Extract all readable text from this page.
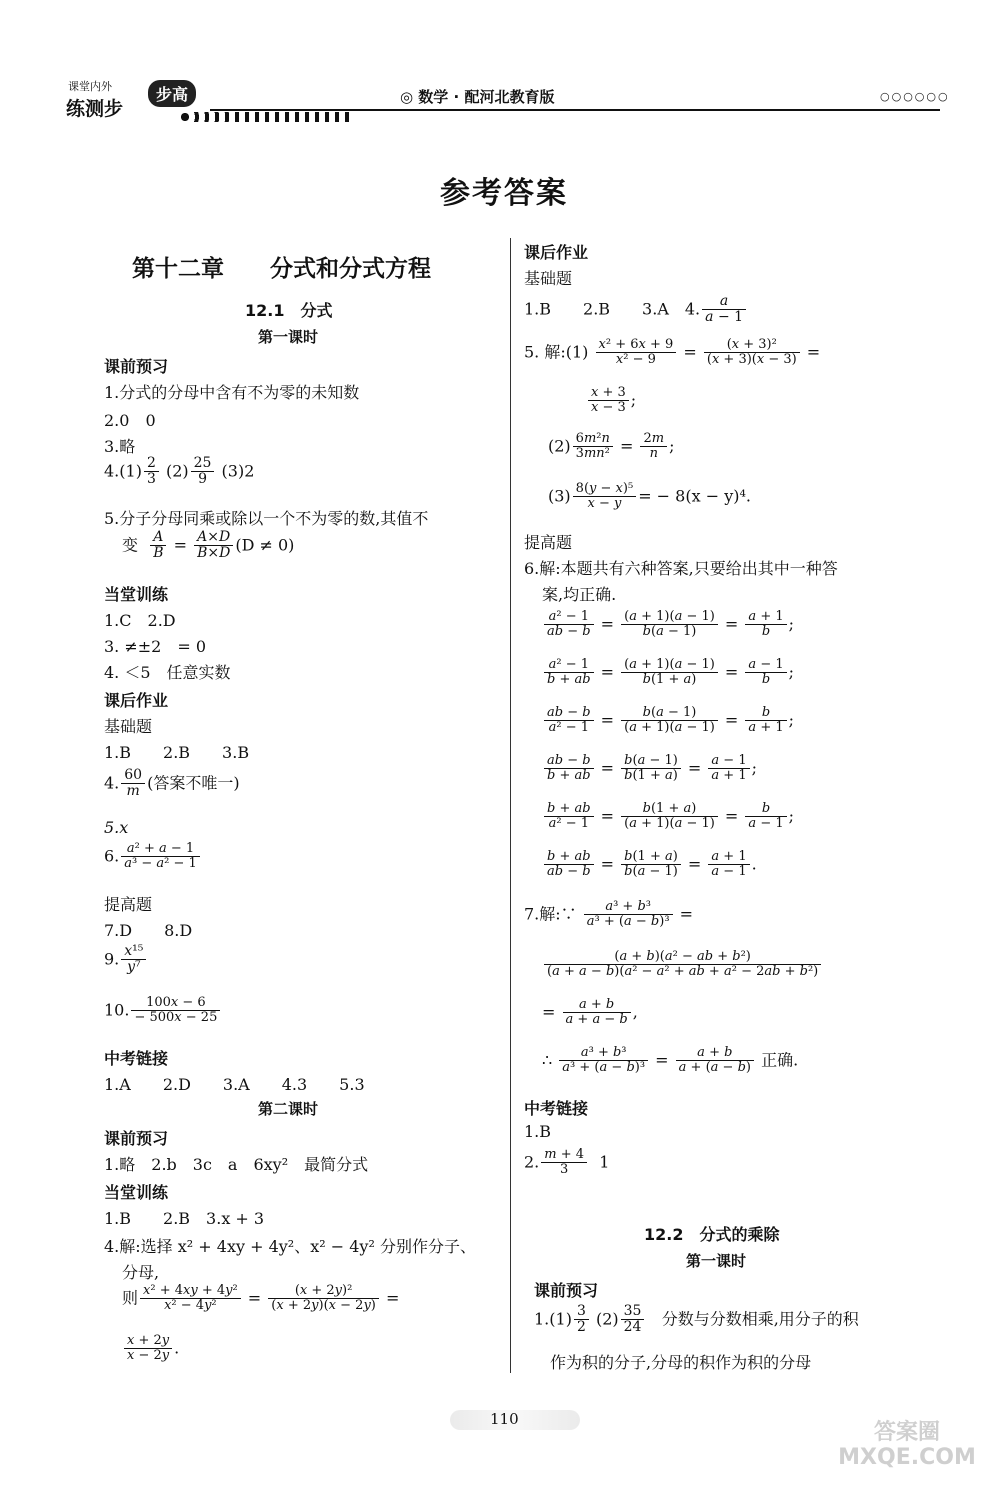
课堂内外
练测步
步高	◎ 数学 · 配河北教育版	○○○○○○
参考答案
第十二章　　分式和分式方程
12.1　分式
第一课时
课前预习
1.分式的分母中含有不为零的未知数
2.0　0
3.略
$4.(1) \frac{2}{3} (2) \frac{25}{9} (3)2$
5.分子分母同乘或除以一个不为零的数,其值不
变 $\frac{A}{B} = \frac{A\times D}{B\times D} (D \ne 0)$
当堂训练
1.C　2.D
3. ≠±2　= 0
4. ＜5　任意实数
课后作业
基础题
1.B　　2.B　　3.B
4. $\frac{60}{m}$ (答案不唯一)
5.x
6. $\frac{\text{a² + a − 1}}{\text{a³ − a² − 1}}$
提高题
7.D　　8.D
9. $\frac{\text{x¹⁵}}{\text{y⁷}}$
10. $\frac{100x - 6}{- 500x - 25}$
中考链接
1.A　　2.D　　3.A　　4.3　　5.3
第二课时
课前预习
1.略　2.b　3c　a　6xy²　最简分式
当堂训练
1.B　　2.B　3.x + 3
4.解:选择 x² + 4xy + 4y²、x² − 4y² 分别作分子、
分母,
则 $\frac{\text{x² + 4xy + 4y²}}{\text{x² − 4y²}} = \frac{\text{(x + 2y)²}}{(x + 2y)(x - 2y)}$ =
$\frac{x + 2y}{x - 2y}$ .
课后作业
基础题
1.B　　2.B　　3.A　4. $\frac{a}{a - 1}$
5. 解:(1) $\frac{\text{x² + 6x + 9}}{\text{x² − 9}} = \frac{\text{(x + 3)²}}{(x + 3)(x - 3)}$ =
$\frac{x + 3}{x - 3}$ ;
$(2) \frac{\text{6m²n}}{\text{3mn²}} = \frac{2m}{n}$ ;
$(3) \frac{\text{8(y − x)⁵}}{x - y}$ = − 8(x − y)⁴.
提高题
6.解:本题共有六种答案,只要给出其中一种答
案,均正确.
$\frac{\text{a² − 1}}{ab - b} = \frac{(a + 1)(a - 1)}{b(a - 1)} = \frac{a + 1}{b}$ ;
$\frac{\text{a² − 1}}{b + ab} = \frac{(a + 1)(a - 1)}{b(1 + a)} = \frac{a - 1}{b}$ ;
$\frac{ab - b}{\text{a² − 1}} = \frac{b(a - 1)}{(a + 1)(a - 1)} = \frac{b}{a + 1}$ ;
$\frac{ab - b}{b + ab} = \frac{b(a - 1)}{b(1 + a)} = \frac{a - 1}{a + 1}$ ;
$\frac{b + ab}{\text{a² − 1}} = \frac{b(1 + a)}{(a + 1)(a - 1)} = \frac{b}{a - 1}$ ;
$\frac{b + ab}{ab - b} = \frac{b(1 + a)}{b(a - 1)} = \frac{a + 1}{a - 1}$ .
7.解:∵ $\frac{\text{a³ + b³}}{\text{a³ + (a − b)³}}$ =
$\frac{\text{(a + b)(a² − ab + b²)}}{\text{(a + a − b)(a² − a² + ab + a² − 2ab + b²)}}$
= $\frac{a + b}{a + a - b}$ ,
∴ $\frac{\text{a³ + b³}}{\text{a³ + (a − b)³}} = \frac{a + b}{a + (a - b)}$ 正确.
中考链接
1.B
2. $\frac{m + 4}{3} 1$
12.2　分式的乘除
第一课时
课前预习
$1.(1) \frac{3}{2} (2) \frac{35}{24}$ 分数与分数相乘,用分子的积
作为积的分子,分母的积作为积的分母
110
答案圈 MXQE.COM
